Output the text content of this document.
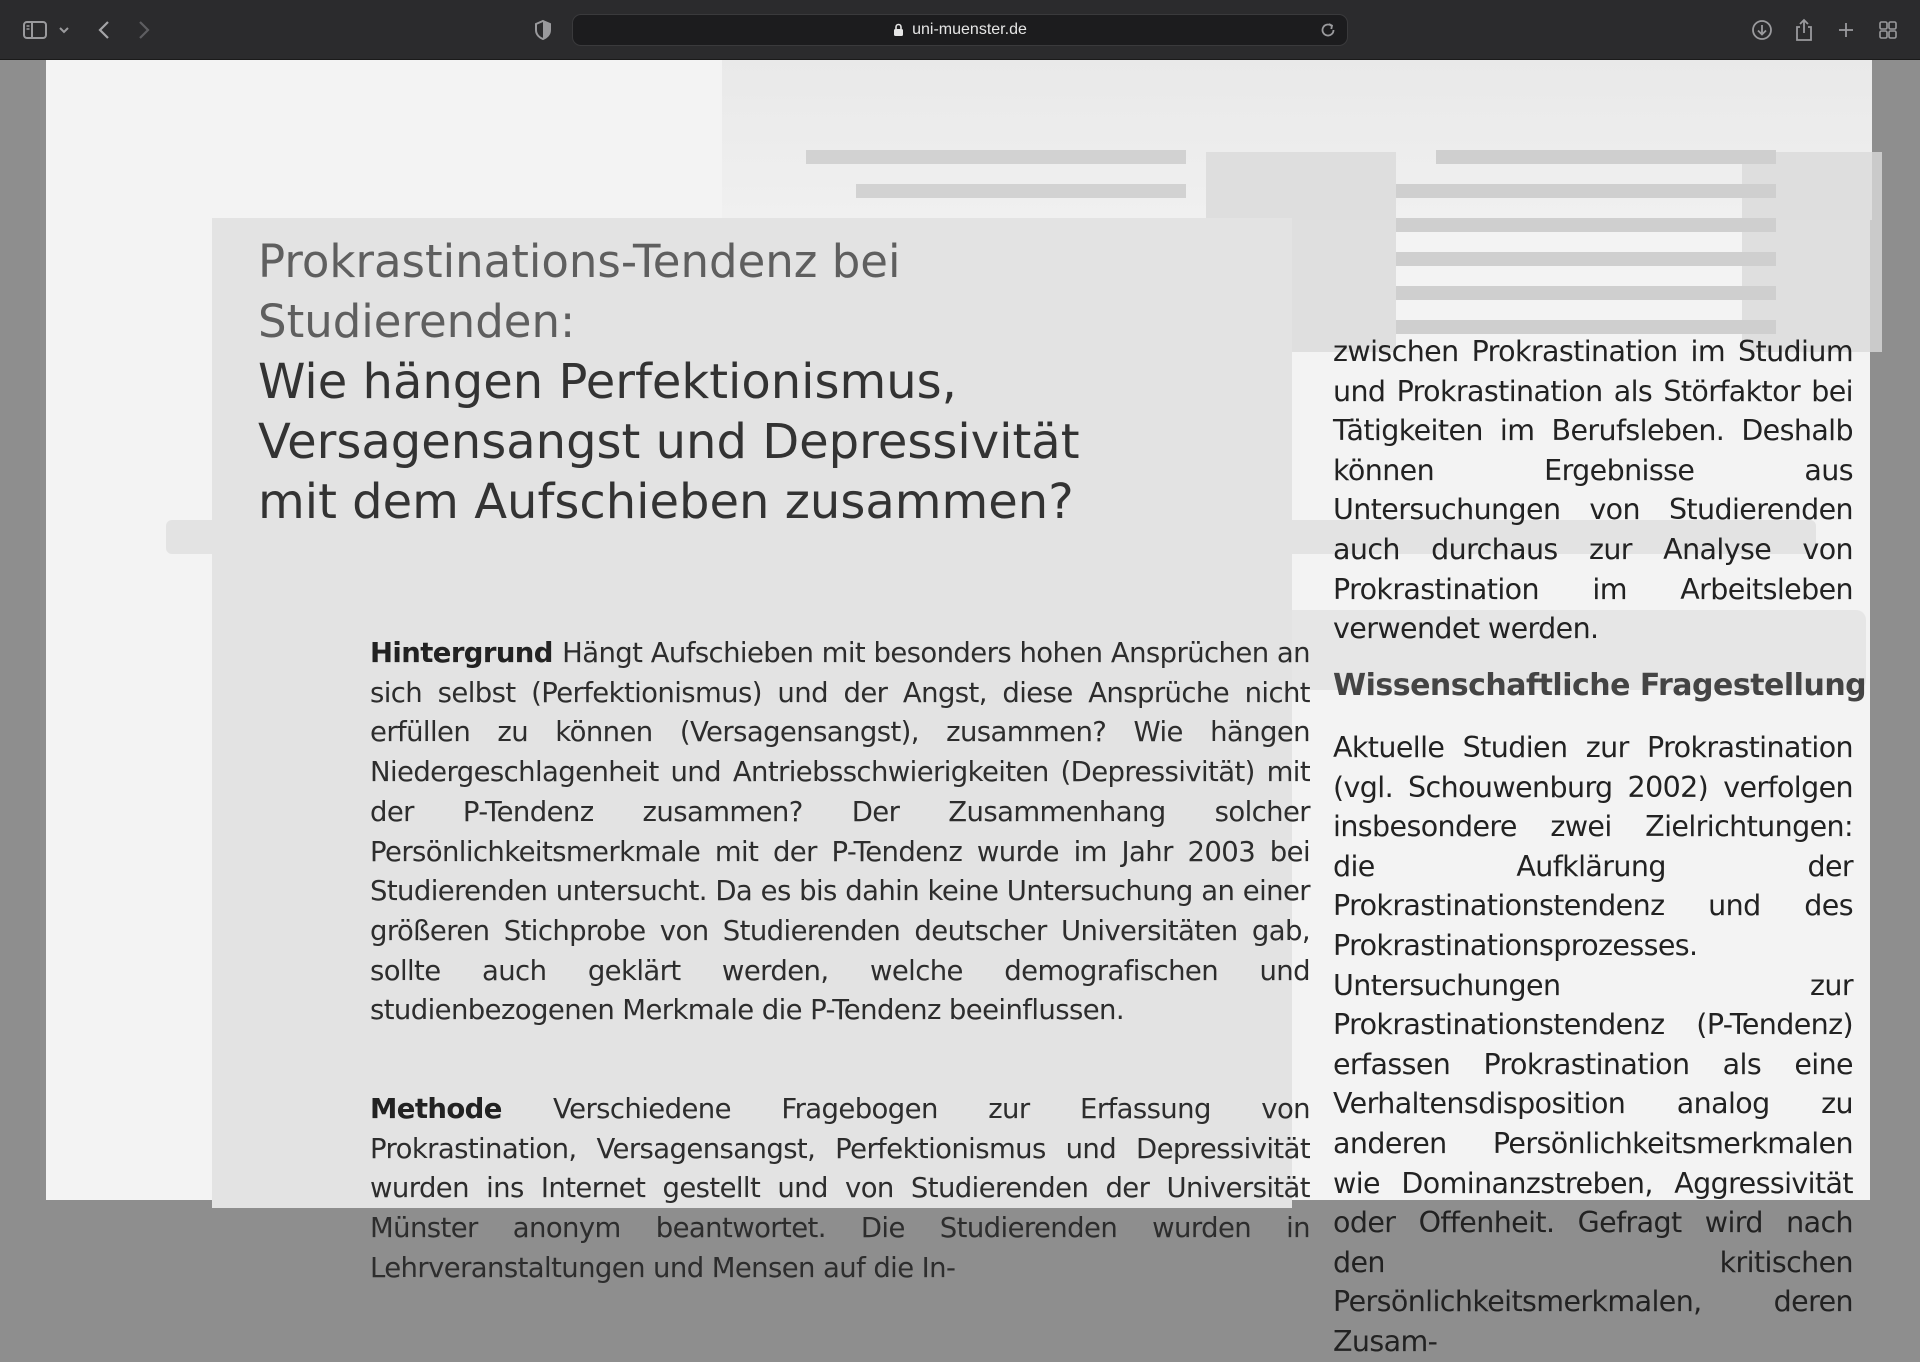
uni-muenster.de
Prokrastinations-Tendenz bei Studierenden:
Wie hängen Perfektionismus, Versagensangst und Depressivität mit dem Aufschieben zusammen?
Hintergrund Hängt Aufschieben mit besonders hohen Ansprüchen an sich selbst (Perfektionismus) und der Angst, diese Ansprüche nicht erfüllen zu können (Versagensangst), zusammen? Wie hängen Niedergeschlagenheit und Antriebsschwierigkeiten (Depressivität) mit der P-Tendenz zusammen? Der Zusammenhang solcher Persönlichkeitsmerkmale mit der P-Tendenz wurde im Jahr 2003 bei Studierenden untersucht. Da es bis dahin keine Untersuchung an einer größeren Stichprobe von Studierenden deutscher Universitäten gab, sollte auch geklärt werden, welche demografischen und studienbezogenen Merkmale die P-Tendenz beeinflussen.
Methode Verschiedene Fragebogen zur Erfassung von Prokrastination, Versagensangst, Perfektionismus und Depressivität wurden ins Internet gestellt und von Studierenden der Universität Münster anonym beantwortet. Die Studierenden wurden in Lehrveranstaltungen und Mensen auf die In-
zwischen Prokrastination im Studium und Prokrastination als Störfaktor bei Tätigkeiten im Berufsleben. Deshalb können Ergebnisse aus Untersuchungen von Studierenden auch durchaus zur Analyse von Prokrastination im Arbeitsleben verwendet werden.
Wissenschaftliche Fragestellung
Aktuelle Studien zur Prokrastination (vgl. Schouwenburg 2002) verfolgen insbesondere zwei Zielrichtungen: die Aufklärung der Prokrastinationstendenz und des Prokrastinationsprozesses. Untersuchungen zur Prokrastinationstendenz (P-Tendenz) erfassen Prokrastination als eine Verhaltensdisposition analog zu anderen Persönlichkeitsmerkmalen wie Dominanzstreben, Aggressivität oder Offenheit. Gefragt wird nach den kritischen Persönlichkeitsmerkmalen, deren Zusam-
